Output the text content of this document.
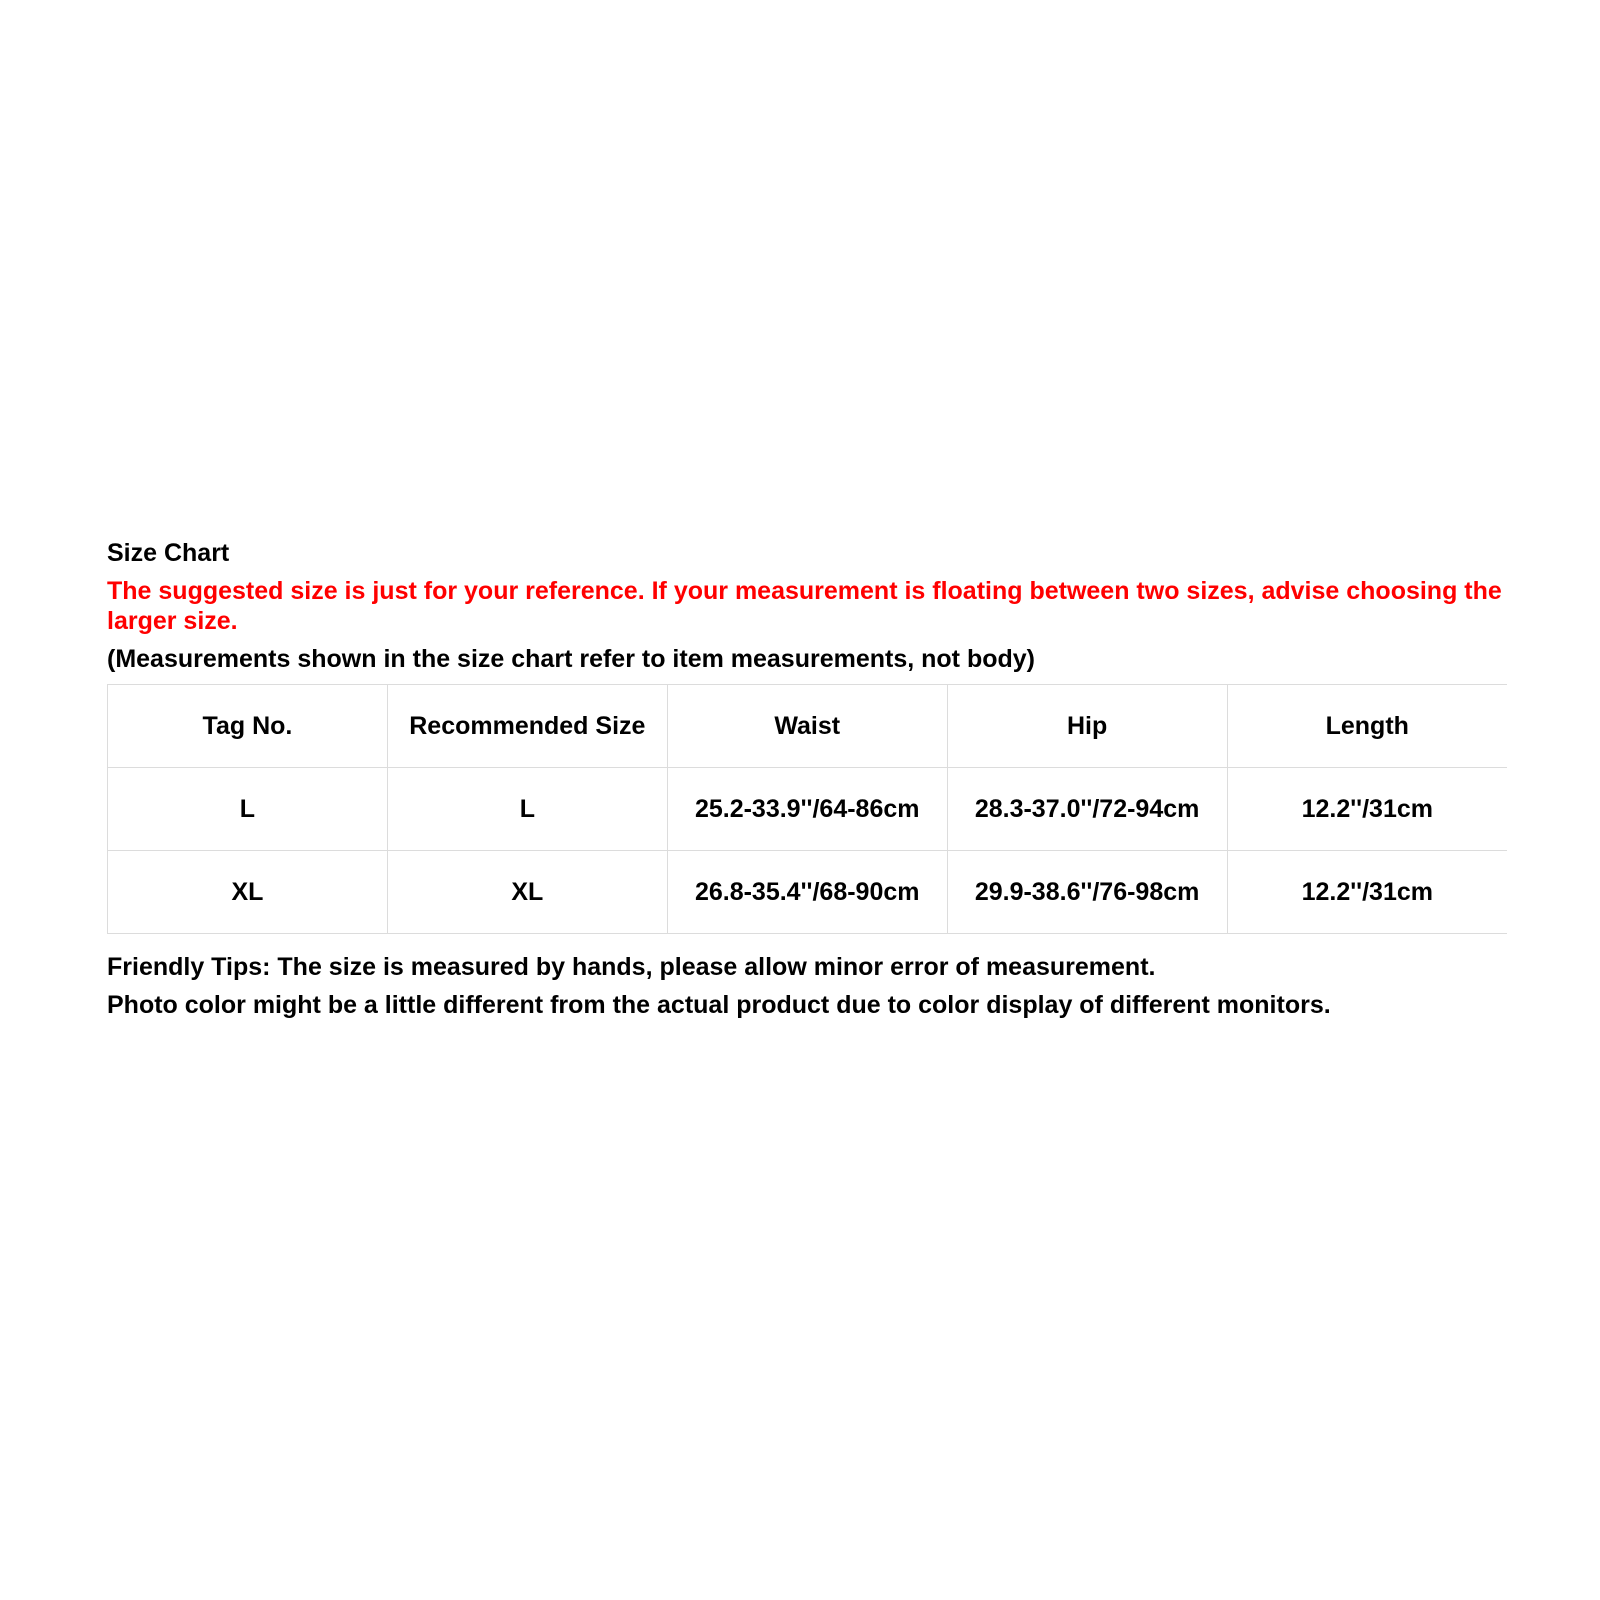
Size Chart
The suggested size is just for your reference. If your measurement is floating between two sizes, advise choosing the larger size.
(Measurements shown in the size chart refer to item measurements, not body)
Tag No.	Recommended Size	Waist	Hip	Length
L	L	25.2-33.9''/64-86cm	28.3-37.0''/72-94cm	12.2''/31cm
XL	XL	26.8-35.4''/68-90cm	29.9-38.6''/76-98cm	12.2''/31cm
Friendly Tips: The size is measured by hands, please allow minor error of measurement.
Photo color might be a little different from the actual product due to color display of different monitors.
